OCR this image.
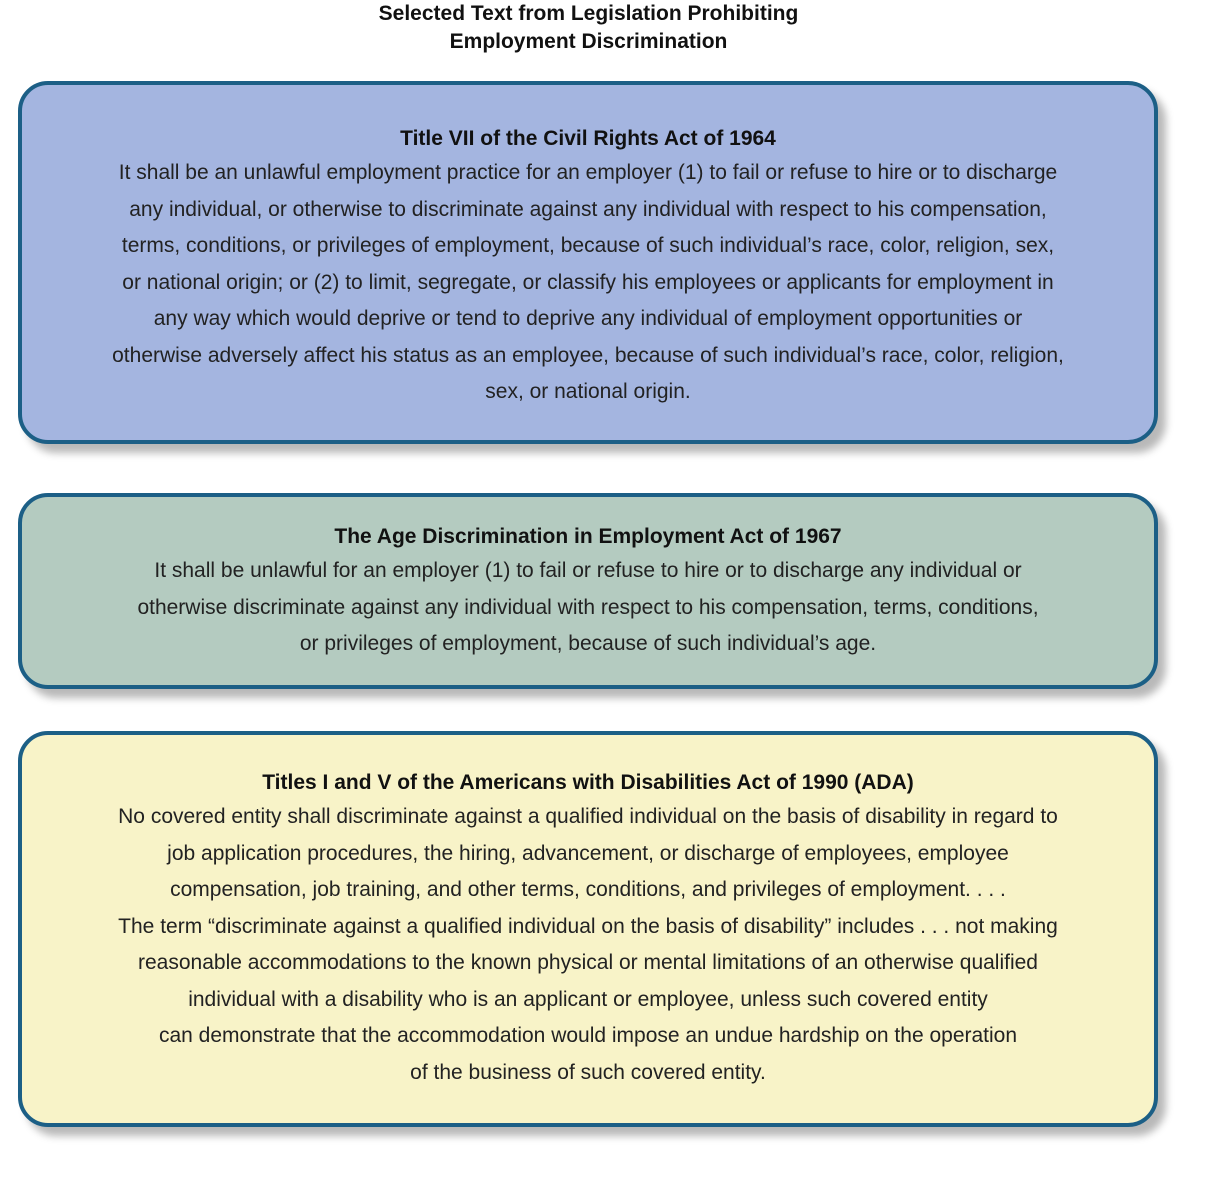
Selected Text from Legislation Prohibiting
Employment Discrimination
Title VII of the Civil Rights Act of 1964
It shall be an unlawful employment practice for an employer (1) to fail or refuse to hire or to discharge
any individual, or otherwise to discriminate against any individual with respect to his compensation,
terms, conditions, or privileges of employment, because of such individual’s race, color, religion, sex,
or national origin; or (2) to limit, segregate, or classify his employees or applicants for employment in
any way which would deprive or tend to deprive any individual of employment opportunities or
otherwise adversely affect his status as an employee, because of such individual’s race, color, religion,
sex, or national origin.
The Age Discrimination in Employment Act of 1967
It shall be unlawful for an employer (1) to fail or refuse to hire or to discharge any individual or
otherwise discriminate against any individual with respect to his compensation, terms, conditions,
or privileges of employment, because of such individual’s age.
Titles I and V of the Americans with Disabilities Act of 1990 (ADA)
No covered entity shall discriminate against a qualified individual on the basis of disability in regard to
job application procedures, the hiring, advancement, or discharge of employees, employee
compensation, job training, and other terms, conditions, and privileges of employment. . . .
The term “discriminate against a qualified individual on the basis of disability” includes . . . not making
reasonable accommodations to the known physical or mental limitations of an otherwise qualified
individual with a disability who is an applicant or employee, unless such covered entity
can demonstrate that the accommodation would impose an undue hardship on the operation
of the business of such covered entity.
